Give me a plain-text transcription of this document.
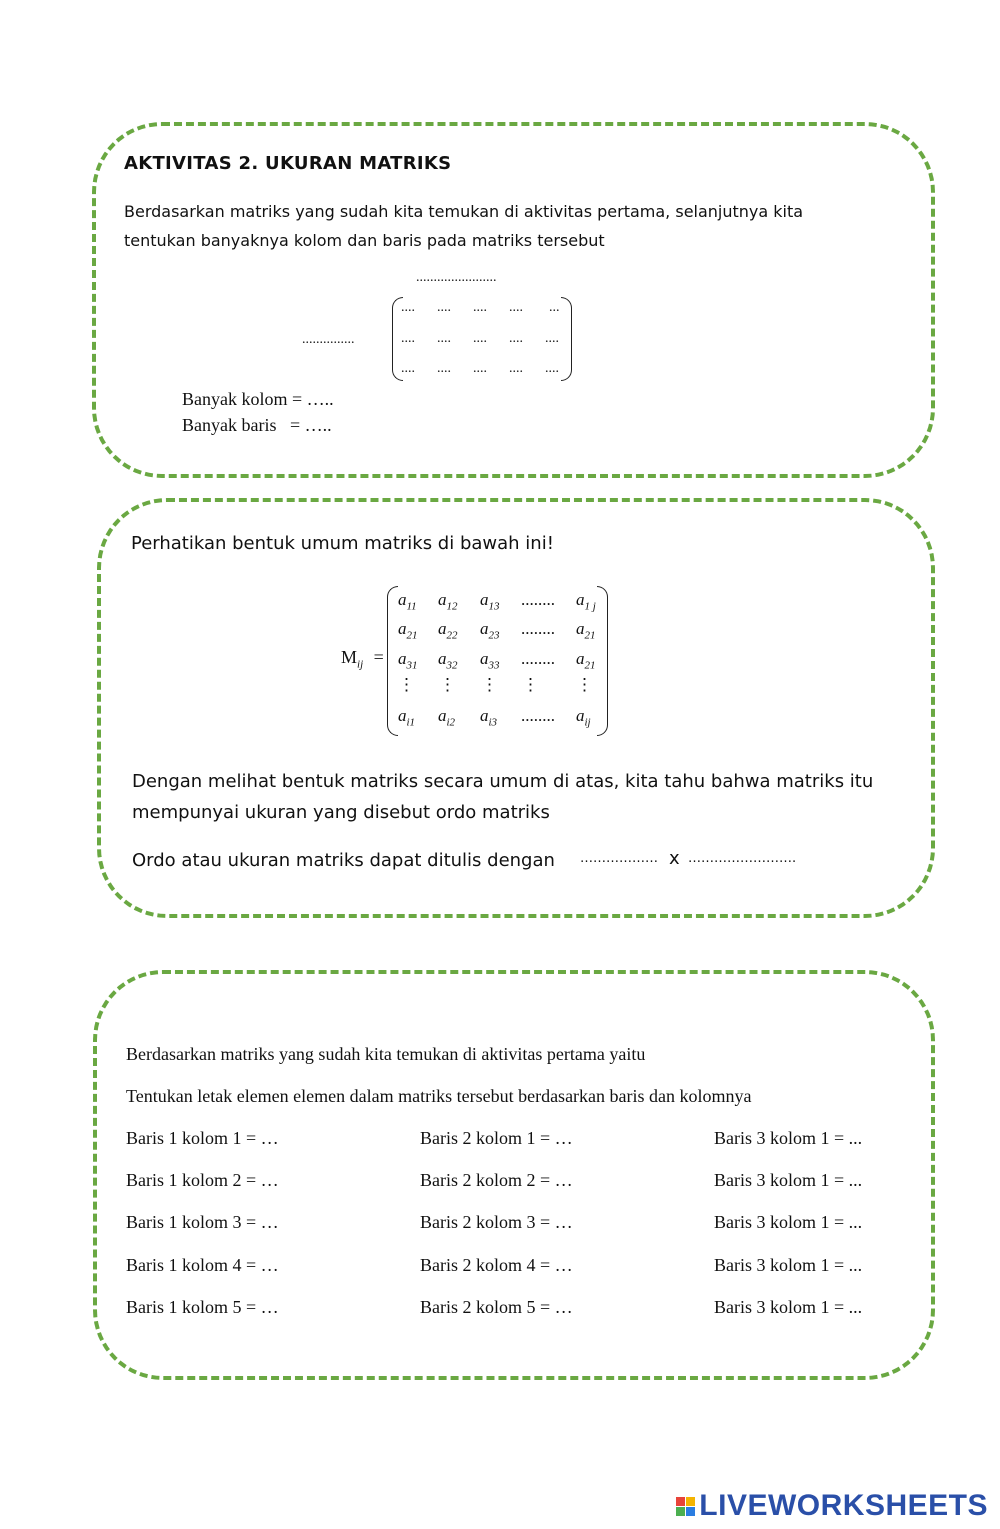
AKTIVITAS 2. UKURAN MATRIKS
Berdasarkan matriks yang sudah kita temukan di aktivitas pertama, selanjutnya kita
tentukan banyaknya kolom dan baris pada matriks tersebut
.......................
...............
.... .... .... .... ...
.... .... .... .... ....
.... .... .... .... ....
Banyak kolom = …..
Banyak baris   = …..
Perhatikan bentuk umum matriks di bawah ini!
$M_{ij}$ =
$a_{11}$ $a_{12}$ $a_{13}$ ........ $a_{1 j}$
$a_{21}$ $a_{22}$ $a_{23}$ ........ $a_{21}$
$a_{31}$ $a_{32}$ $a_{33}$ ........ $a_{21}$
$a_{i1}$ $a_{i2}$ $a_{i3}$ ........ $a_{ij}$
⋮ ⋮ ⋮ ⋮ ⋮
Dengan melihat bentuk matriks secara umum di atas, kita tahu bahwa matriks itu
mempunyai ukuran yang disebut ordo matriks
Ordo atau ukuran matriks dapat ditulis dengan ……………… x …………………….
Berdasarkan matriks yang sudah kita temukan di aktivitas pertama yaitu
Tentukan letak elemen elemen dalam matriks tersebut berdasarkan baris dan kolomnya
Baris 1 kolom 1 = …
Baris 1 kolom 2 = …
Baris 1 kolom 3 = …
Baris 1 kolom 4 = …
Baris 1 kolom 5 = …
Baris 2 kolom 1 = …
Baris 2 kolom 2 = …
Baris 2 kolom 3 = …
Baris 2 kolom 4 = …
Baris 2 kolom 5 = …
Baris 3 kolom 1 = ...
Baris 3 kolom 1 = ...
Baris 3 kolom 1 = ...
Baris 3 kolom 1 = ...
Baris 3 kolom 1 = ...
LIVEWORKSHEETS
